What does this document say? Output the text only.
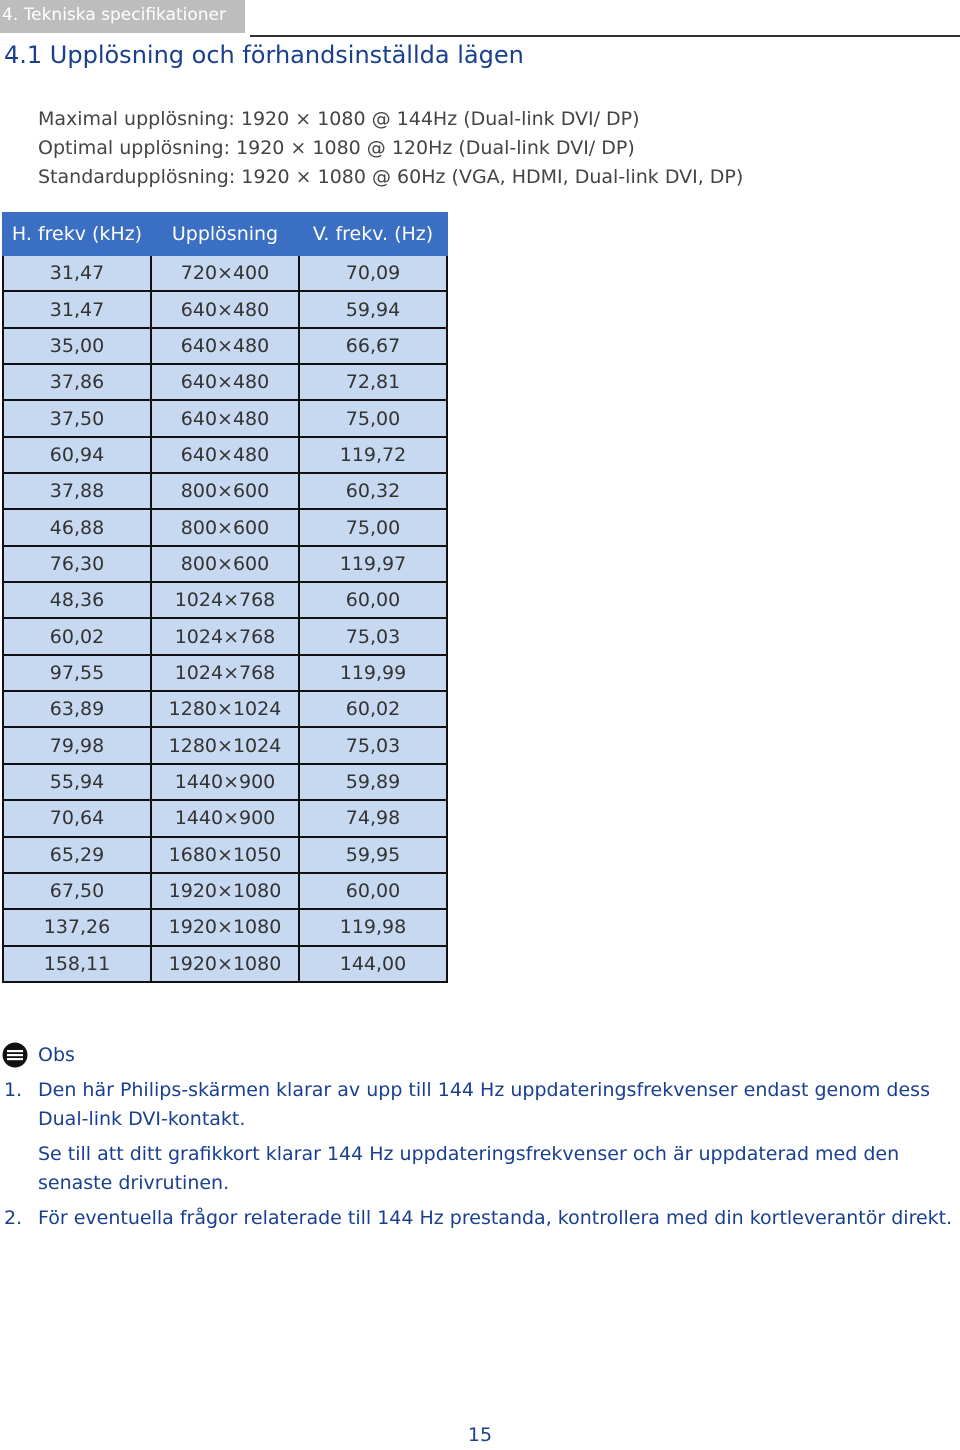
4. Tekniska specifikationer
4.1 Upplösning och förhandsinställda lägen
Maximal upplösning: 1920 × 1080 @ 144Hz (Dual-link DVI/ DP)
Optimal upplösning: 1920 × 1080 @ 120Hz (Dual-link DVI/ DP)
Standardupplösning: 1920 × 1080 @ 60Hz (VGA, HDMI, Dual-link DVI, DP)
H. frekv (kHz)	Upplösning	V. frekv. (Hz)
31,47	720×400	70,09
31,47	640×480	59,94
35,00	640×480	66,67
37,86	640×480	72,81
37,50	640×480	75,00
60,94	640×480	119,72
37,88	800×600	60,32
46,88	800×600	75,00
76,30	800×600	119,97
48,36	1024×768	60,00
60,02	1024×768	75,03
97,55	1024×768	119,99
63,89	1280×1024	60,02
79,98	1280×1024	75,03
55,94	1440×900	59,89
70,64	1440×900	74,98
65,29	1680×1050	59,95
67,50	1920×1080	60,00
137,26	1920×1080	119,98
158,11	1920×1080	144,00
Obs
1. Den här Philips-skärmen klarar av upp till 144 Hz uppdateringsfrekvenser endast genom dess Dual-link DVI-kontakt.
Se till att ditt grafikkort klarar 144 Hz uppdateringsfrekvenser och är uppdaterad med den senaste drivrutinen.
2. För eventuella frågor relaterade till 144 Hz prestanda, kontrollera med din kortleverantör direkt.
15
